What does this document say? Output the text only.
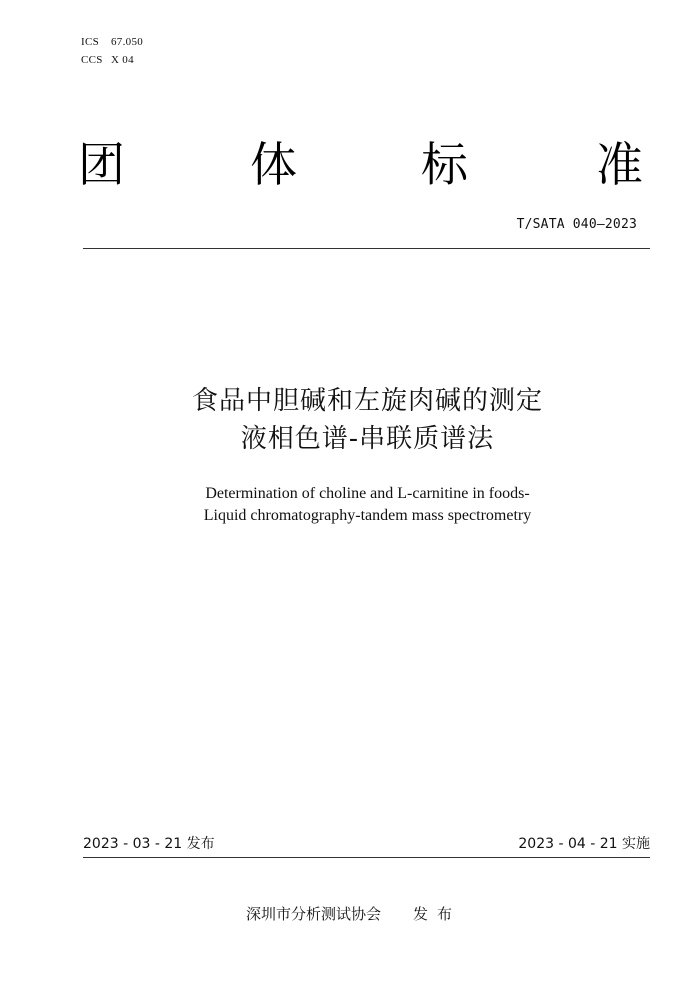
ICS 67.050
CCS X 04
团	体	标	准
T/SATA 040—2023
食品中胆碱和左旋肉碱的测定
液相色谱-串联质谱法
Determination of choline and L-carnitine in foods-
Liquid chromatography-tandem mass spectrometry
2023 - 03 - 21 发布	2023 - 04 - 21 实施
深圳市分析测试协会 发布
